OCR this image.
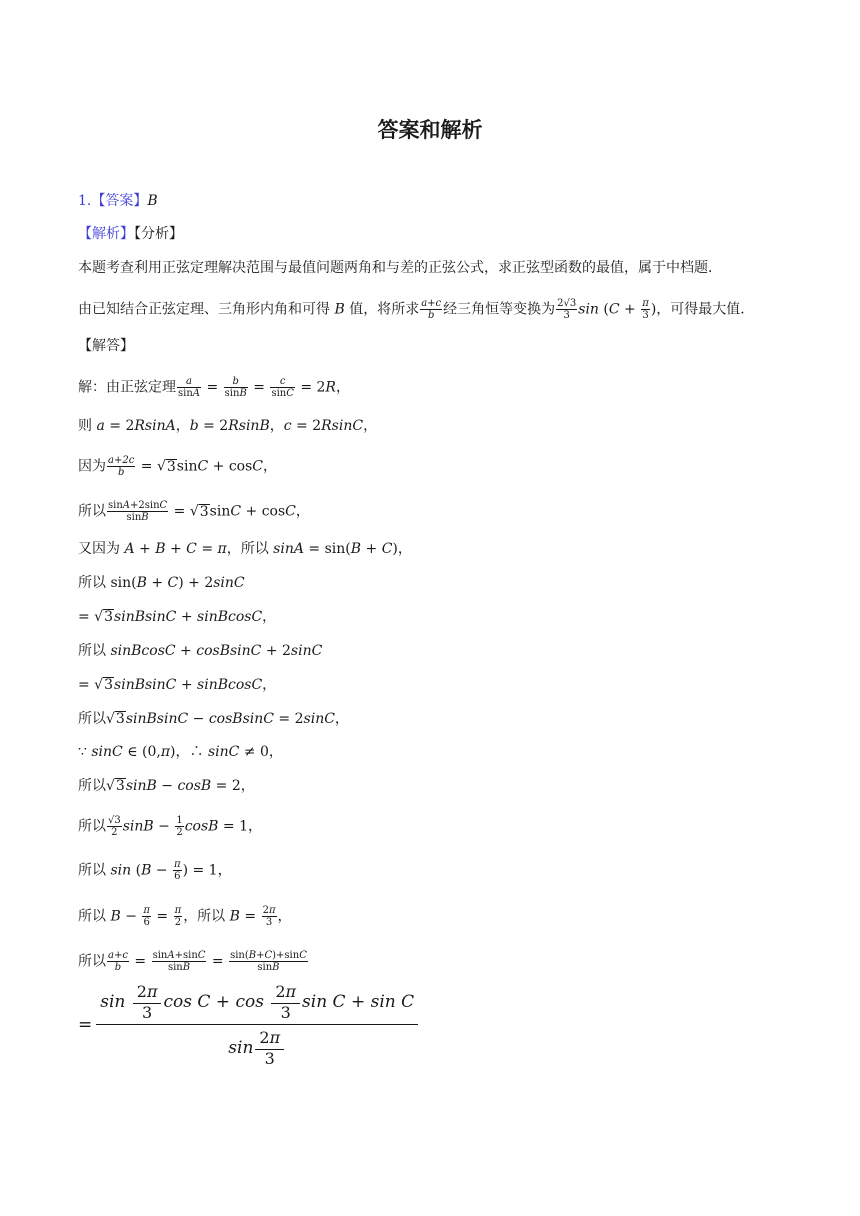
答案和解析
1.【答案】B
【解析】【分析】
本题考查利用正弦定理解决范围与最值问题两角和与差的正弦公式，求正弦型函数的最值，属于中档题．
由已知结合正弦定理、三角形内角和可得 B 值，将所求 $\frac{a+c}{b}$ 经三角恒等变换为 $\frac{2√3}{3}$ $\sin (C + \frac{\pi}{3}$ )，可得最大值．
【解答】
解：由正弦定理 $\frac{a}{\sin A} = \frac{b}{\sin B} = \frac{c}{\sin C} = 2R$，
则 a = 2RsinA，b = 2RsinB，c = 2RsinC，
因为 $\frac{a+2c}{b} = √3\sin C + \cos C$，
所以 $\frac{\sin A+2\sin C}{\sin B} = √3\sin C + \cos C$，
又因为 A + B + C = π，所以 sinA = sin(B + C)，
所以 sin(B + C) + 2sinC
= √3sinBsinC + sinBcosC，
所以 sinBcosC + cosBsinC + 2sinC
= √3sinBsinC + sinBcosC，
所以√3sinBsinC − cosBsinC = 2sinC，
∵ sinC ∈ (0,π)，∴ sinC ≠ 0，
所以√3sinB − cosB = 2，
所以 $\frac{√3}{2}$ $\sin B - \frac{1}{2}$ cosB = 1，
所以 $\sin (B - \frac{\pi}{6}$ ) = 1，
所以 $B - \frac{\pi}{6} = \frac{\pi}{2}$ ，所以 $B = \frac{2\pi}{3}$ ，
所以 $\frac{a+c}{b} = \frac{\sin A+\sin C}{\sin B} = \frac{\sin(B+C)+\sin C}{\sin B}$
= sin

2 π
3
cos C + cos

2 π
3
sin C + sin C
sin
2 π
3
